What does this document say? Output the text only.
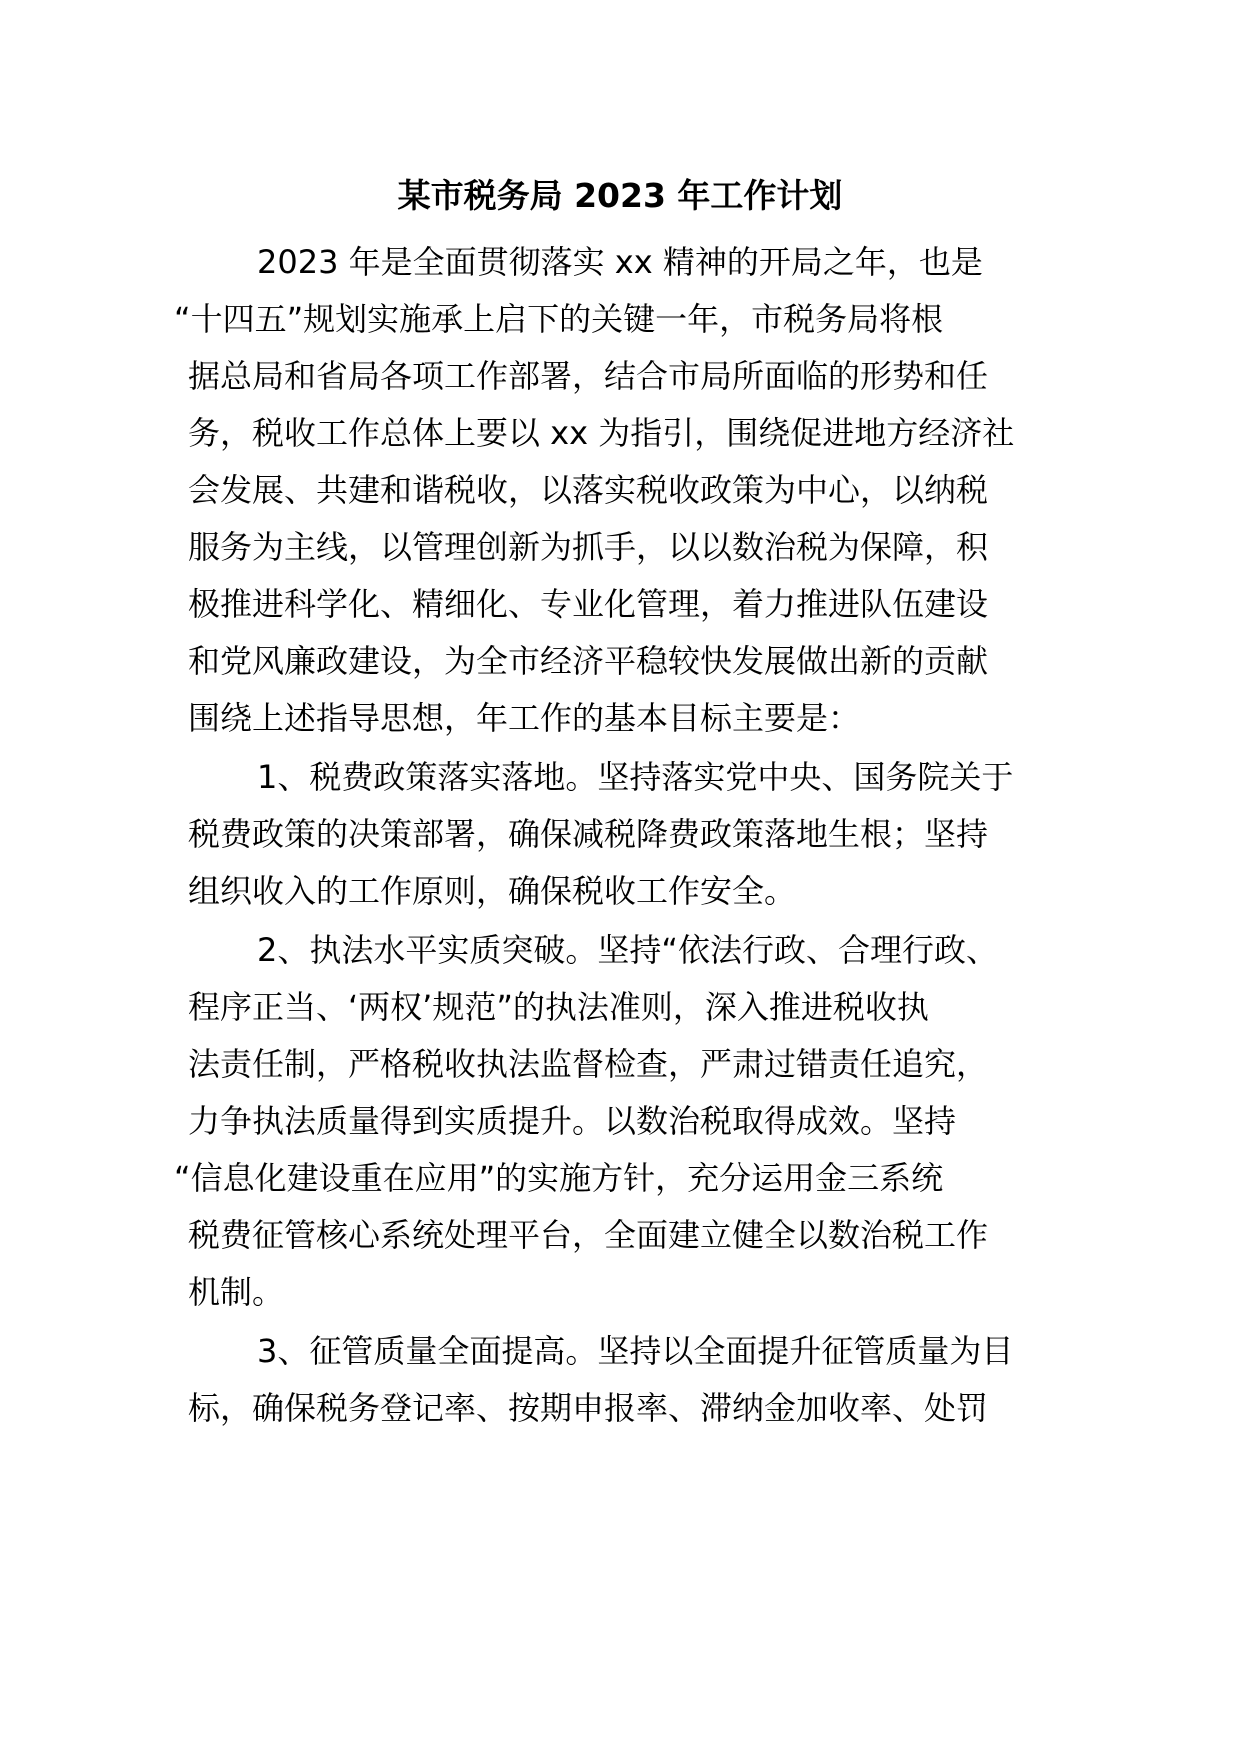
某市税务局 2023 年工作计划
2023 年是全面贯彻落实 xx 精神的开局之年，也是
“十四五”规划实施承上启下的关键一年，市税务局将根
据总局和省局各项工作部署，结合市局所面临的形势和任
务，税收工作总体上要以 xx 为指引，围绕促进地方经济社
会发展、共建和谐税收，以落实税收政策为中心，以纳税
服务为主线，以管理创新为抓手，以以数治税为保障，积
极推进科学化、精细化、专业化管理，着力推进队伍建设
和党风廉政建设，为全市经济平稳较快发展做出新的贡献
围绕上述指导思想，年工作的基本目标主要是：
1、税费政策落实落地。坚持落实党中央、国务院关于
税费政策的决策部署，确保减税降费政策落地生根；坚持
组织收入的工作原则，确保税收工作安全。
2、执法水平实质突破。坚持“依法行政、合理行政、
程序正当、‘两权’规范”的执法准则，深入推进税收执
法责任制，严格税收执法监督检查，严肃过错责任追究，
力争执法质量得到实质提升。以数治税取得成效。坚持
“信息化建设重在应用”的实施方针，充分运用金三系统
税费征管核心系统处理平台，全面建立健全以数治税工作
机制。
3、征管质量全面提高。坚持以全面提升征管质量为目
标，确保税务登记率、按期申报率、滞纳金加收率、处罚
